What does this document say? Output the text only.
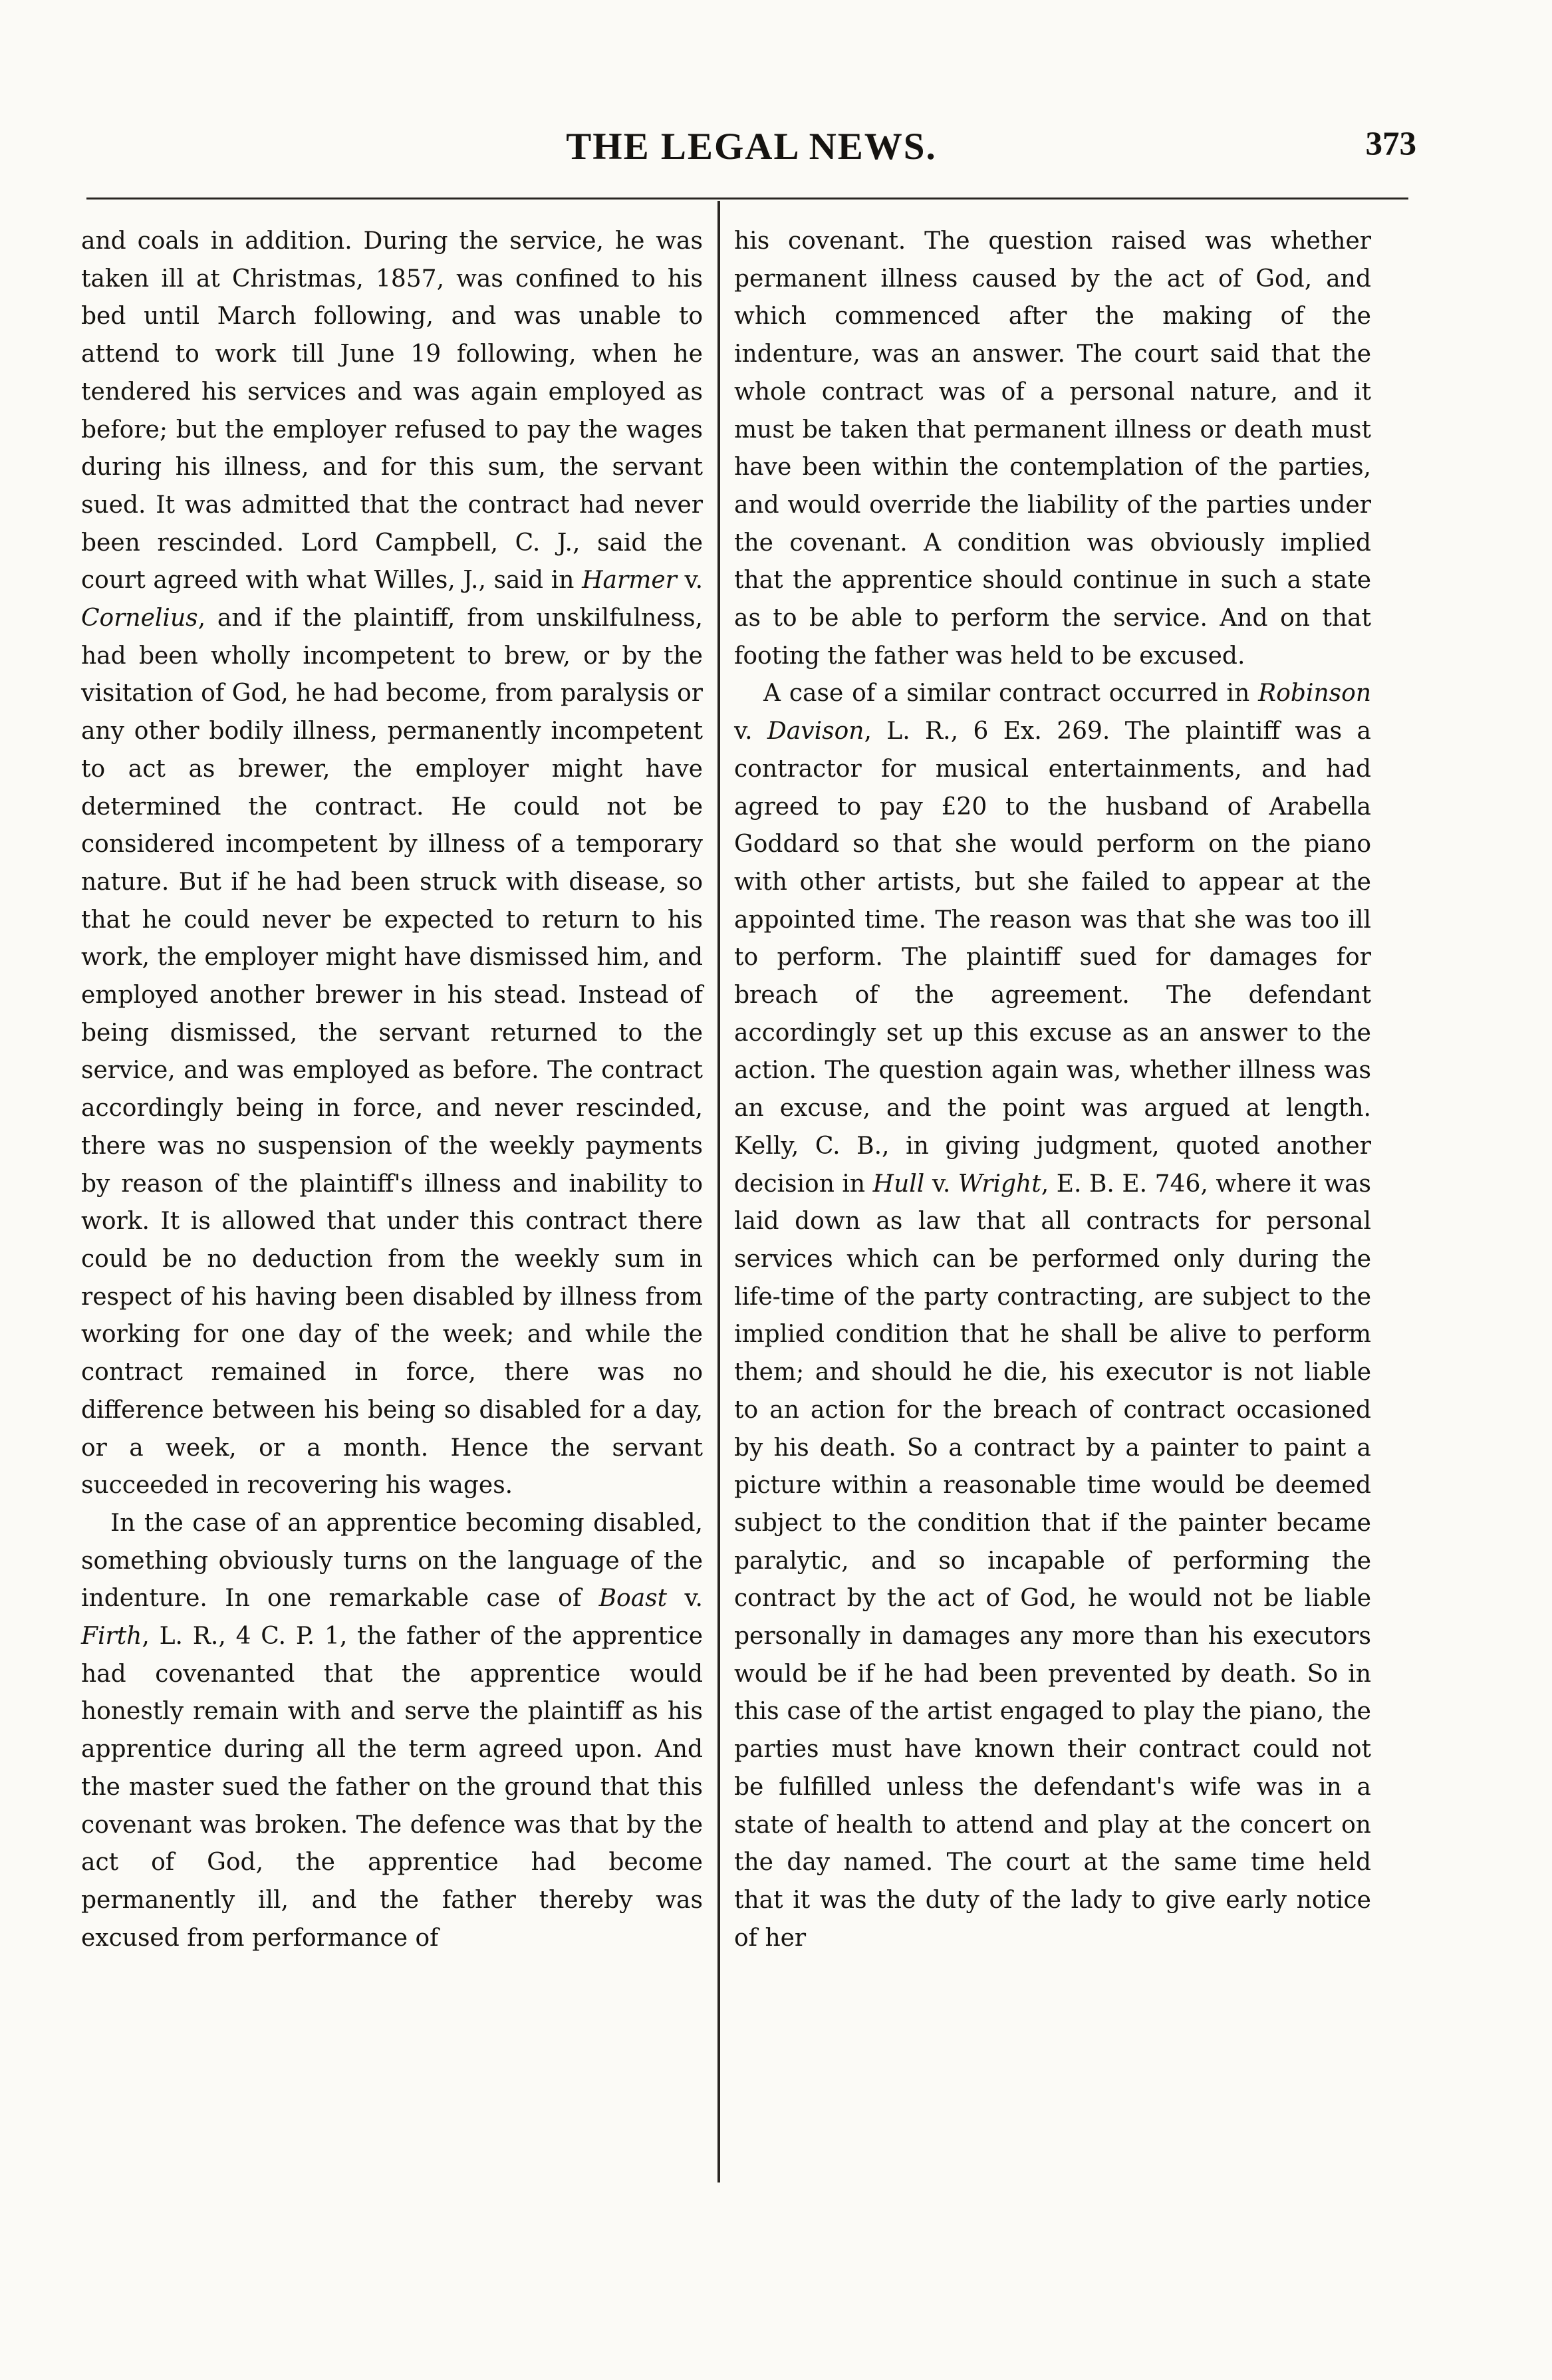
THE LEGAL NEWS.	373

and coals in addition. During the service, he was taken ill at Christmas, 1857, was confined to his bed until March following, and was unable to attend to work till June 19 following, when he tendered his services and was again employed as before; but the employer refused to pay the wages during his illness, and for this sum, the servant sued. It was admitted that the contract had never been rescinded. Lord Campbell, C. J., said the court agreed with what Willes, J., said in Harmer v. Cornelius, and if the plaintiff, from unskilfulness, had been wholly incompetent to brew, or by the visitation of God, he had become, from paralysis or any other bodily illness, permanently incompetent to act as brewer, the employer might have determined the contract. He could not be considered incompetent by illness of a temporary nature. But if he had been struck with disease, so that he could never be expected to return to his work, the employer might have dismissed him, and employed another brewer in his stead. Instead of being dismissed, the servant returned to the service, and was employed as before. The contract accordingly being in force, and never rescinded, there was no suspension of the weekly payments by reason of the plaintiff's illness and inability to work. It is allowed that under this contract there could be no deduction from the weekly sum in respect of his having been disabled by illness from working for one day of the week; and while the contract remained in force, there was no difference between his being so disabled for a day, or a week, or a month. Hence the servant succeeded in recovering his wages.

In the case of an apprentice becoming disabled, something obviously turns on the language of the indenture. In one remarkable case of Boast v. Firth, L. R., 4 C. P. 1, the father of the apprentice had covenanted that the apprentice would honestly remain with and serve the plaintiff as his apprentice during all the term agreed upon. And the master sued the father on the ground that this covenant was broken. The defence was that by the act of God, the apprentice had become permanently ill, and the father thereby was excused from performance of

his covenant. The question raised was whether permanent illness caused by the act of God, and which commenced after the making of the indenture, was an answer. The court said that the whole contract was of a personal nature, and it must be taken that permanent illness or death must have been within the contemplation of the parties, and would override the liability of the parties under the covenant. A condition was obviously implied that the apprentice should continue in such a state as to be able to perform the service. And on that footing the father was held to be excused.

A case of a similar contract occurred in Robinson v. Davison, L. R., 6 Ex. 269. The plaintiff was a contractor for musical entertainments, and had agreed to pay £20 to the husband of Arabella Goddard so that she would perform on the piano with other artists, but she failed to appear at the appointed time. The reason was that she was too ill to perform. The plaintiff sued for damages for breach of the agreement. The defendant accordingly set up this excuse as an answer to the action. The question again was, whether illness was an excuse, and the point was argued at length. Kelly, C. B., in giving judgment, quoted another decision in Hull v. Wright, E. B. E. 746, where it was laid down as law that all contracts for personal services which can be performed only during the life-time of the party contracting, are subject to the implied condition that he shall be alive to perform them; and should he die, his executor is not liable to an action for the breach of contract occasioned by his death. So a contract by a painter to paint a picture within a reasonable time would be deemed subject to the condition that if the painter became paralytic, and so incapable of performing the contract by the act of God, he would not be liable personally in damages any more than his executors would be if he had been prevented by death. So in this case of the artist engaged to play the piano, the parties must have known their contract could not be fulfilled unless the defendant's wife was in a state of health to attend and play at the concert on the day named. The court at the same time held that it was the duty of the lady to give early notice of her
